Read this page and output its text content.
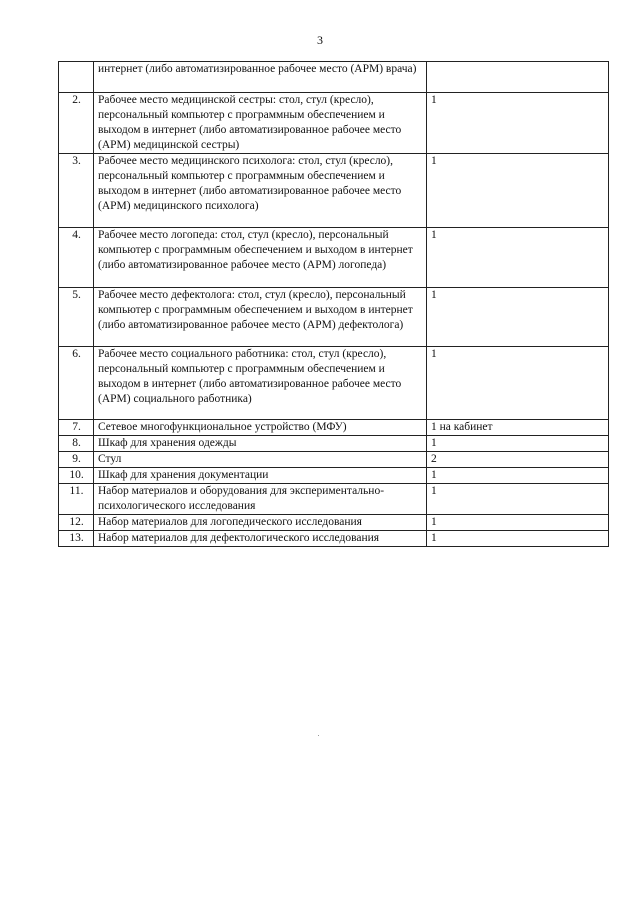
3
	интернет (либо автоматизированное рабочее место (АРМ) врача)	
2.	Рабочее место медицинской сестры: стол, стул (кресло), персональный компьютер с программным обеспечением и выходом в интернет (либо автоматизированное рабочее место (АРМ) медицинской сестры)	1
3.	Рабочее место медицинского психолога: стол, стул (кресло), персональный компьютер с программным обеспечением и выходом в интернет (либо автоматизированное рабочее место (АРМ) медицинского психолога)	1
4.	Рабочее место логопеда: стол, стул (кресло), персональный компьютер с программным обеспечением и выходом в интернет (либо автоматизированное рабочее место (АРМ) логопеда)	1
5.	Рабочее место дефектолога: стол, стул (кресло), персональный компьютер с программным обеспечением и выходом в интернет (либо автоматизированное рабочее место (АРМ) дефектолога)	1
6.	Рабочее место социального работника: стол, стул (кресло), персональный компьютер с программным обеспечением и выходом в интернет (либо автоматизированное рабочее место (АРМ) социального работника)	1
7.	Сетевое многофункциональное устройство (МФУ)	1 на кабинет
8.	Шкаф для хранения одежды	1
9.	Стул	2
10.	Шкаф для хранения документации	1
11.	Набор материалов и оборудования для экспериментально-психологического исследования	1
12.	Набор материалов для логопедического исследования	1
13.	Набор материалов для дефектологического исследования	1
